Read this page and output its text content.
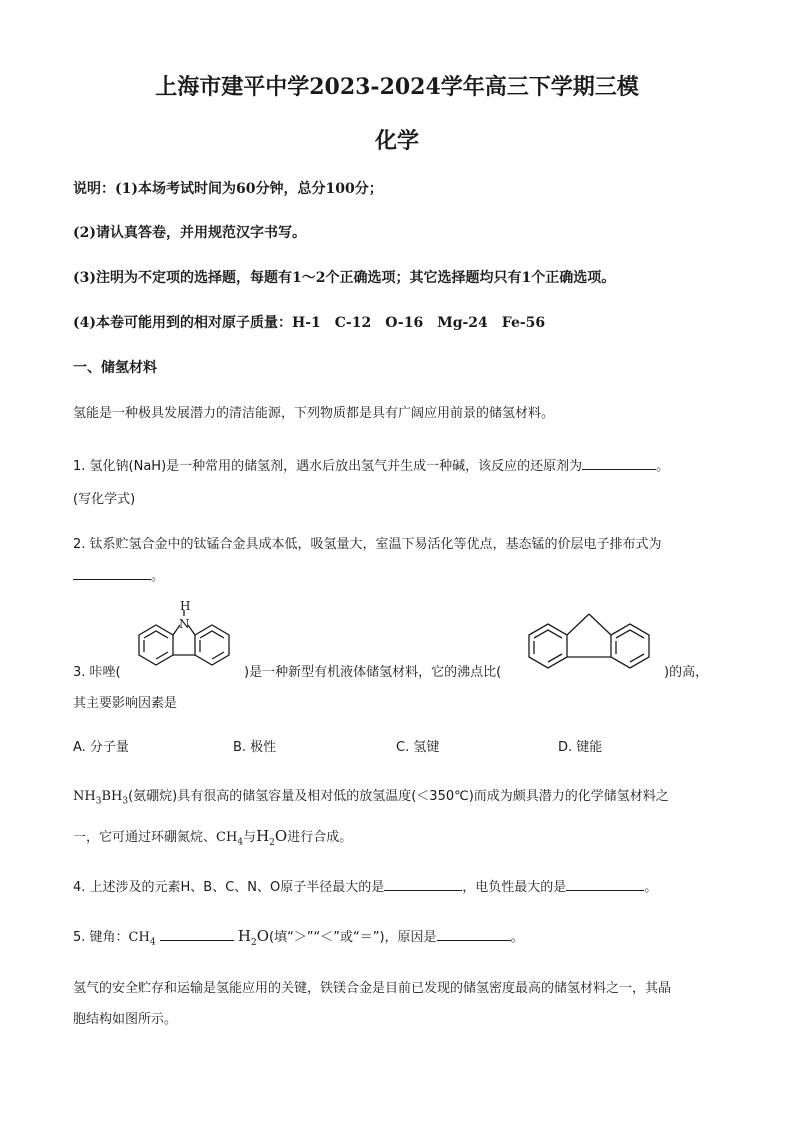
上海市建平中学2023-2024学年高三下学期三模
化学
说明：(1)本场考试时间为60分钟，总分100分；
(2)请认真答卷，并用规范汉字书写。
(3)注明为不定项的选择题，每题有1～2个正确选项；其它选择题均只有1个正确选项。
(4)本卷可能用到的相对原子质量：H-1　C-12　O-16　Mg-24　Fe-56
一、储氢材料
氢能是一种极具发展潜力的清洁能源，下列物质都是具有广阔应用前景的储氢材料。
1. 氢化钠(NaH)是一种常用的储氢剂，遇水后放出氢气并生成一种碱，该反应的还原剂为	。
(写化学式)
2. 钛系贮氢合金中的钛锰合金具成本低，吸氢量大，室温下易活化等优点，基态锰的价层电子排布式为
。
N
H
3. 咔唑(	)是一种新型有机液体储氢材料，它的沸点比(	)的高，
其主要影响因素是
A. 分子量	B. 极性	C. 氢键	D. 键能
$NH_3BH_3$(氨硼烷)具有很高的储氢容量及相对低的放氢温度(＜350℃)而成为颇具潜力的化学储氢材料之
一，它可通过环硼氮烷、$CH_4$与$H_2O$进行合成。
4. 上述涉及的元素H、B、C、N、O原子半径最大的是	，电负性最大的是	。
5. 键角：$CH_4$	$H_2O$(填“＞”“＜”或“＝”)，原因是	。
氢气的安全贮存和运输是氢能应用的关键，铁镁合金是目前已发现的储氢密度最高的储氢材料之一，其晶
胞结构如图所示。
